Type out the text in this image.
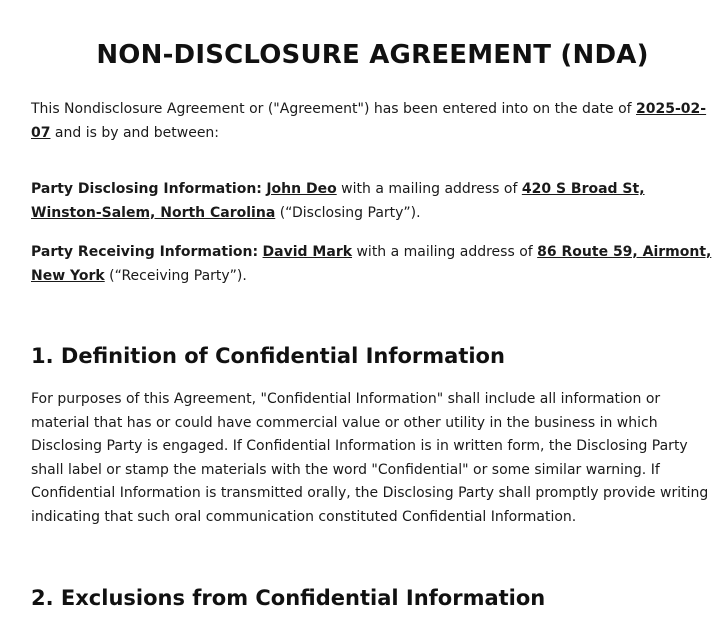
NON-DISCLOSURE AGREEMENT (NDA)

This Nondisclosure Agreement or ("Agreement") has been entered into on the date of 2025-02-07 and is by and between:

Party Disclosing Information: John Deo with a mailing address of 420 S Broad St, Winston-Salem, North Carolina (“Disclosing Party”).

Party Receiving Information: David Mark with a mailing address of 86 Route 59, Airmont, New York (“Receiving Party”).

1. Definition of Confidential Information

For purposes of this Agreement, "Confidential Information" shall include all information or material that has or could have commercial value or other utility in the business in which Disclosing Party is engaged. If Confidential Information is in written form, the Disclosing Party shall label or stamp the materials with the word "Confidential" or some similar warning. If Confidential Information is transmitted orally, the Disclosing Party shall promptly provide writing indicating that such oral communication constituted Confidential Information.

2. Exclusions from Confidential Information
